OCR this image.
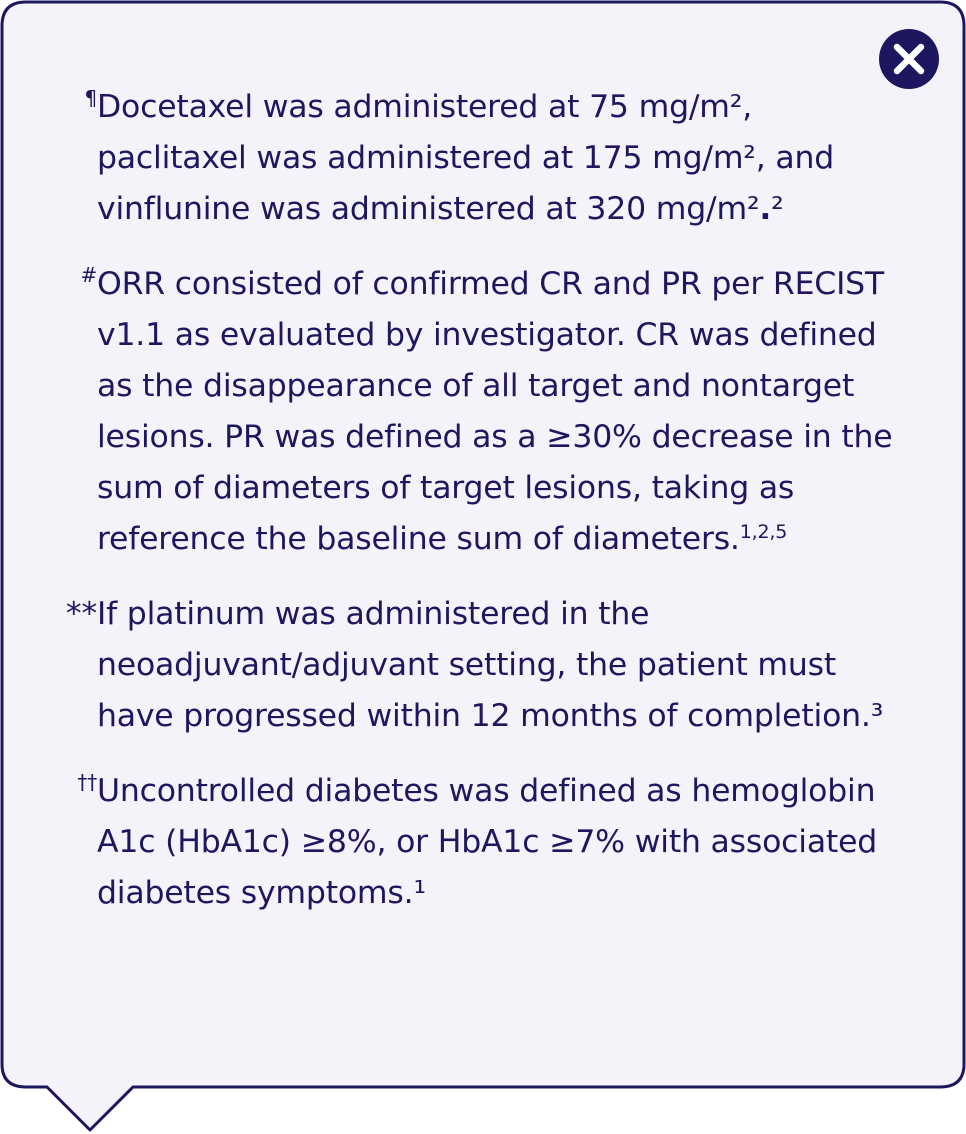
¶ Docetaxel was administered at 75 mg/m², paclitaxel was administered at 175 mg/m², and vinflunine was administered at 320 mg/m².²

# ORR consisted of confirmed CR and PR per RECIST v1.1 as evaluated by investigator. CR was defined as the disappearance of all target and nontarget lesions. PR was defined as a ≥30% decrease in the sum of diameters of target lesions, taking as reference the baseline sum of diameters.$^{1,2,5}$

** If platinum was administered in the neoadjuvant/adjuvant setting, the patient must have progressed within 12 months of completion.³

†† Uncontrolled diabetes was defined as hemoglobin A1c (HbA1c) ≥8%, or HbA1c ≥7% with associated diabetes symptoms.¹
